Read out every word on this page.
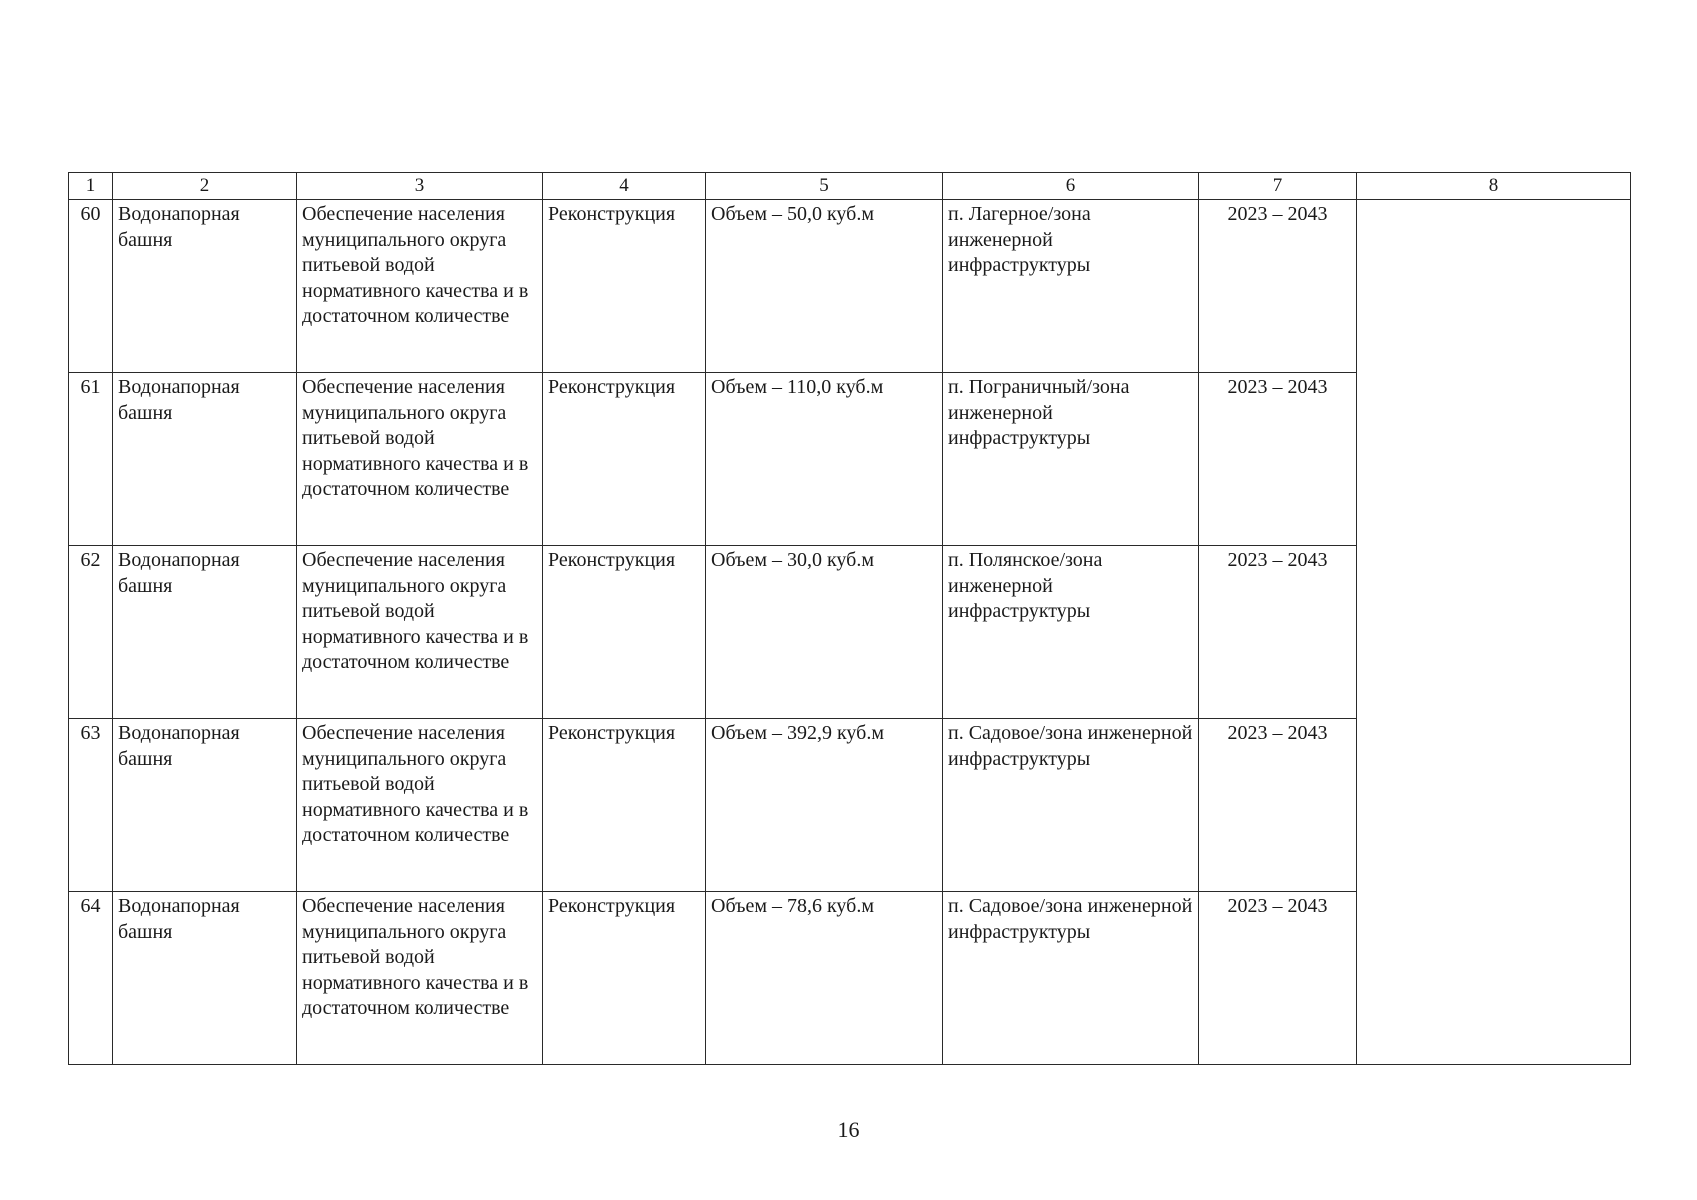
1	2	3	4	5	6	7	8
60	Водонапорная башня	Обеспечение населения муниципального округа питьевой водой нормативного качества и в достаточном количестве	Реконструкция	Объем – 50,0 куб.м	п. Лагерное/зона инженерной инфраструктуры	2023 – 2043	
61	Водонапорная башня	Обеспечение населения муниципального округа питьевой водой нормативного качества и в достаточном количестве	Реконструкция	Объем – 110,0 куб.м	п. Пограничный/зона инженерной инфраструктуры	2023 – 2043	
62	Водонапорная башня	Обеспечение населения муниципального округа питьевой водой нормативного качества и в достаточном количестве	Реконструкция	Объем – 30,0 куб.м	п. Полянское/зона инженерной инфраструктуры	2023 – 2043	
63	Водонапорная башня	Обеспечение населения муниципального округа питьевой водой нормативного качества и в достаточном количестве	Реконструкция	Объем – 392,9 куб.м	п. Садовое/зона инженерной инфраструктуры	2023 – 2043	
64	Водонапорная башня	Обеспечение населения муниципального округа питьевой водой нормативного качества и в достаточном количестве	Реконструкция	Объем – 78,6 куб.м	п. Садовое/зона инженерной инфраструктуры	2023 – 2043	
16
